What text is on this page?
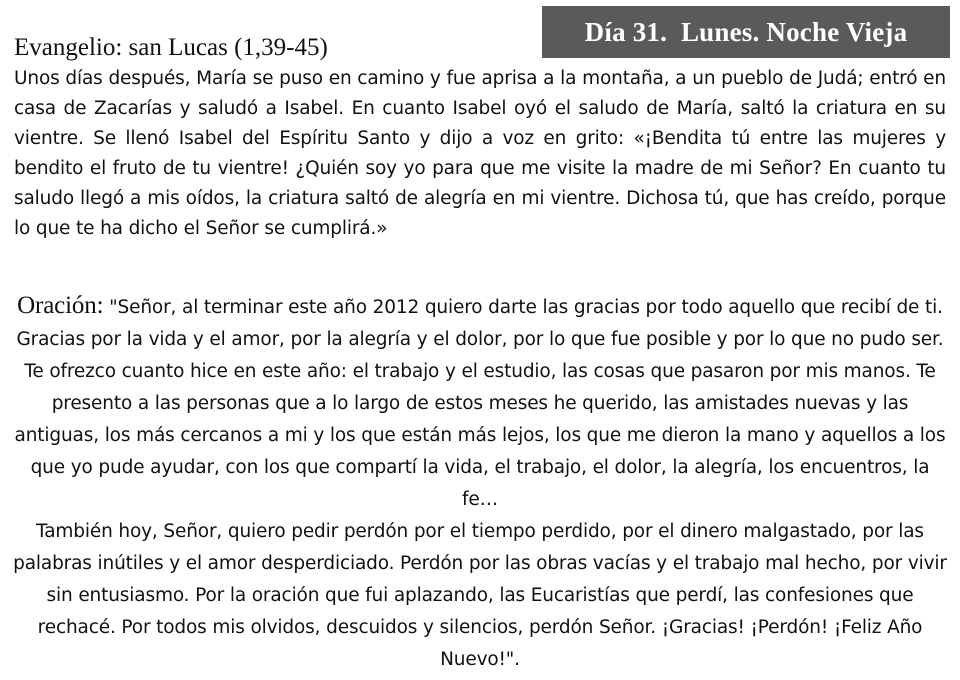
Día 31.  Lunes. Noche Vieja
Evangelio: san Lucas (1,39-45)
Unos días después, María se puso en camino y fue aprisa a la montaña, a un pueblo de Judá; entró en casa de Zacarías y saludó a Isabel. En cuanto Isabel oyó el saludo de María, saltó la criatura en su vientre. Se llenó Isabel del Espíritu Santo y dijo a voz en grito: «¡Bendita tú entre las mujeres y bendito el fruto de tu vientre! ¿Quién soy yo para que me visite la madre de mi Señor? En cuanto tu saludo llegó a mis oídos, la criatura saltó de alegría en mi vientre. Dichosa tú, que has creído, porque lo que te ha dicho el Señor se cumplirá.»

Oración: "Señor, al terminar este año 2012 quiero darte las gracias por todo aquello que recibí de ti. Gracias por la vida y el amor, por la alegría y el dolor, por lo que fue posible y por lo que no pudo ser. Te ofrezco cuanto hice en este año: el trabajo y el estudio, las cosas que pasaron por mis manos. Te presento a las personas que a lo largo de estos meses he querido, las amistades nuevas y las antiguas, los más cercanos a mi y los que están más lejos, los que me dieron la mano y aquellos a los que yo pude ayudar, con los que compartí la vida, el trabajo, el dolor, la alegría, los encuentros, la fe…

También hoy, Señor, quiero pedir perdón por el tiempo perdido, por el dinero malgastado, por las palabras inútiles y el amor desperdiciado. Perdón por las obras vacías y el trabajo mal hecho, por vivir sin entusiasmo. Por la oración que fui aplazando, las Eucaristías que perdí, las confesiones que rechacé. Por todos mis olvidos, descuidos y silencios, perdón Señor. ¡Gracias! ¡Perdón! ¡Feliz Año Nuevo!".
